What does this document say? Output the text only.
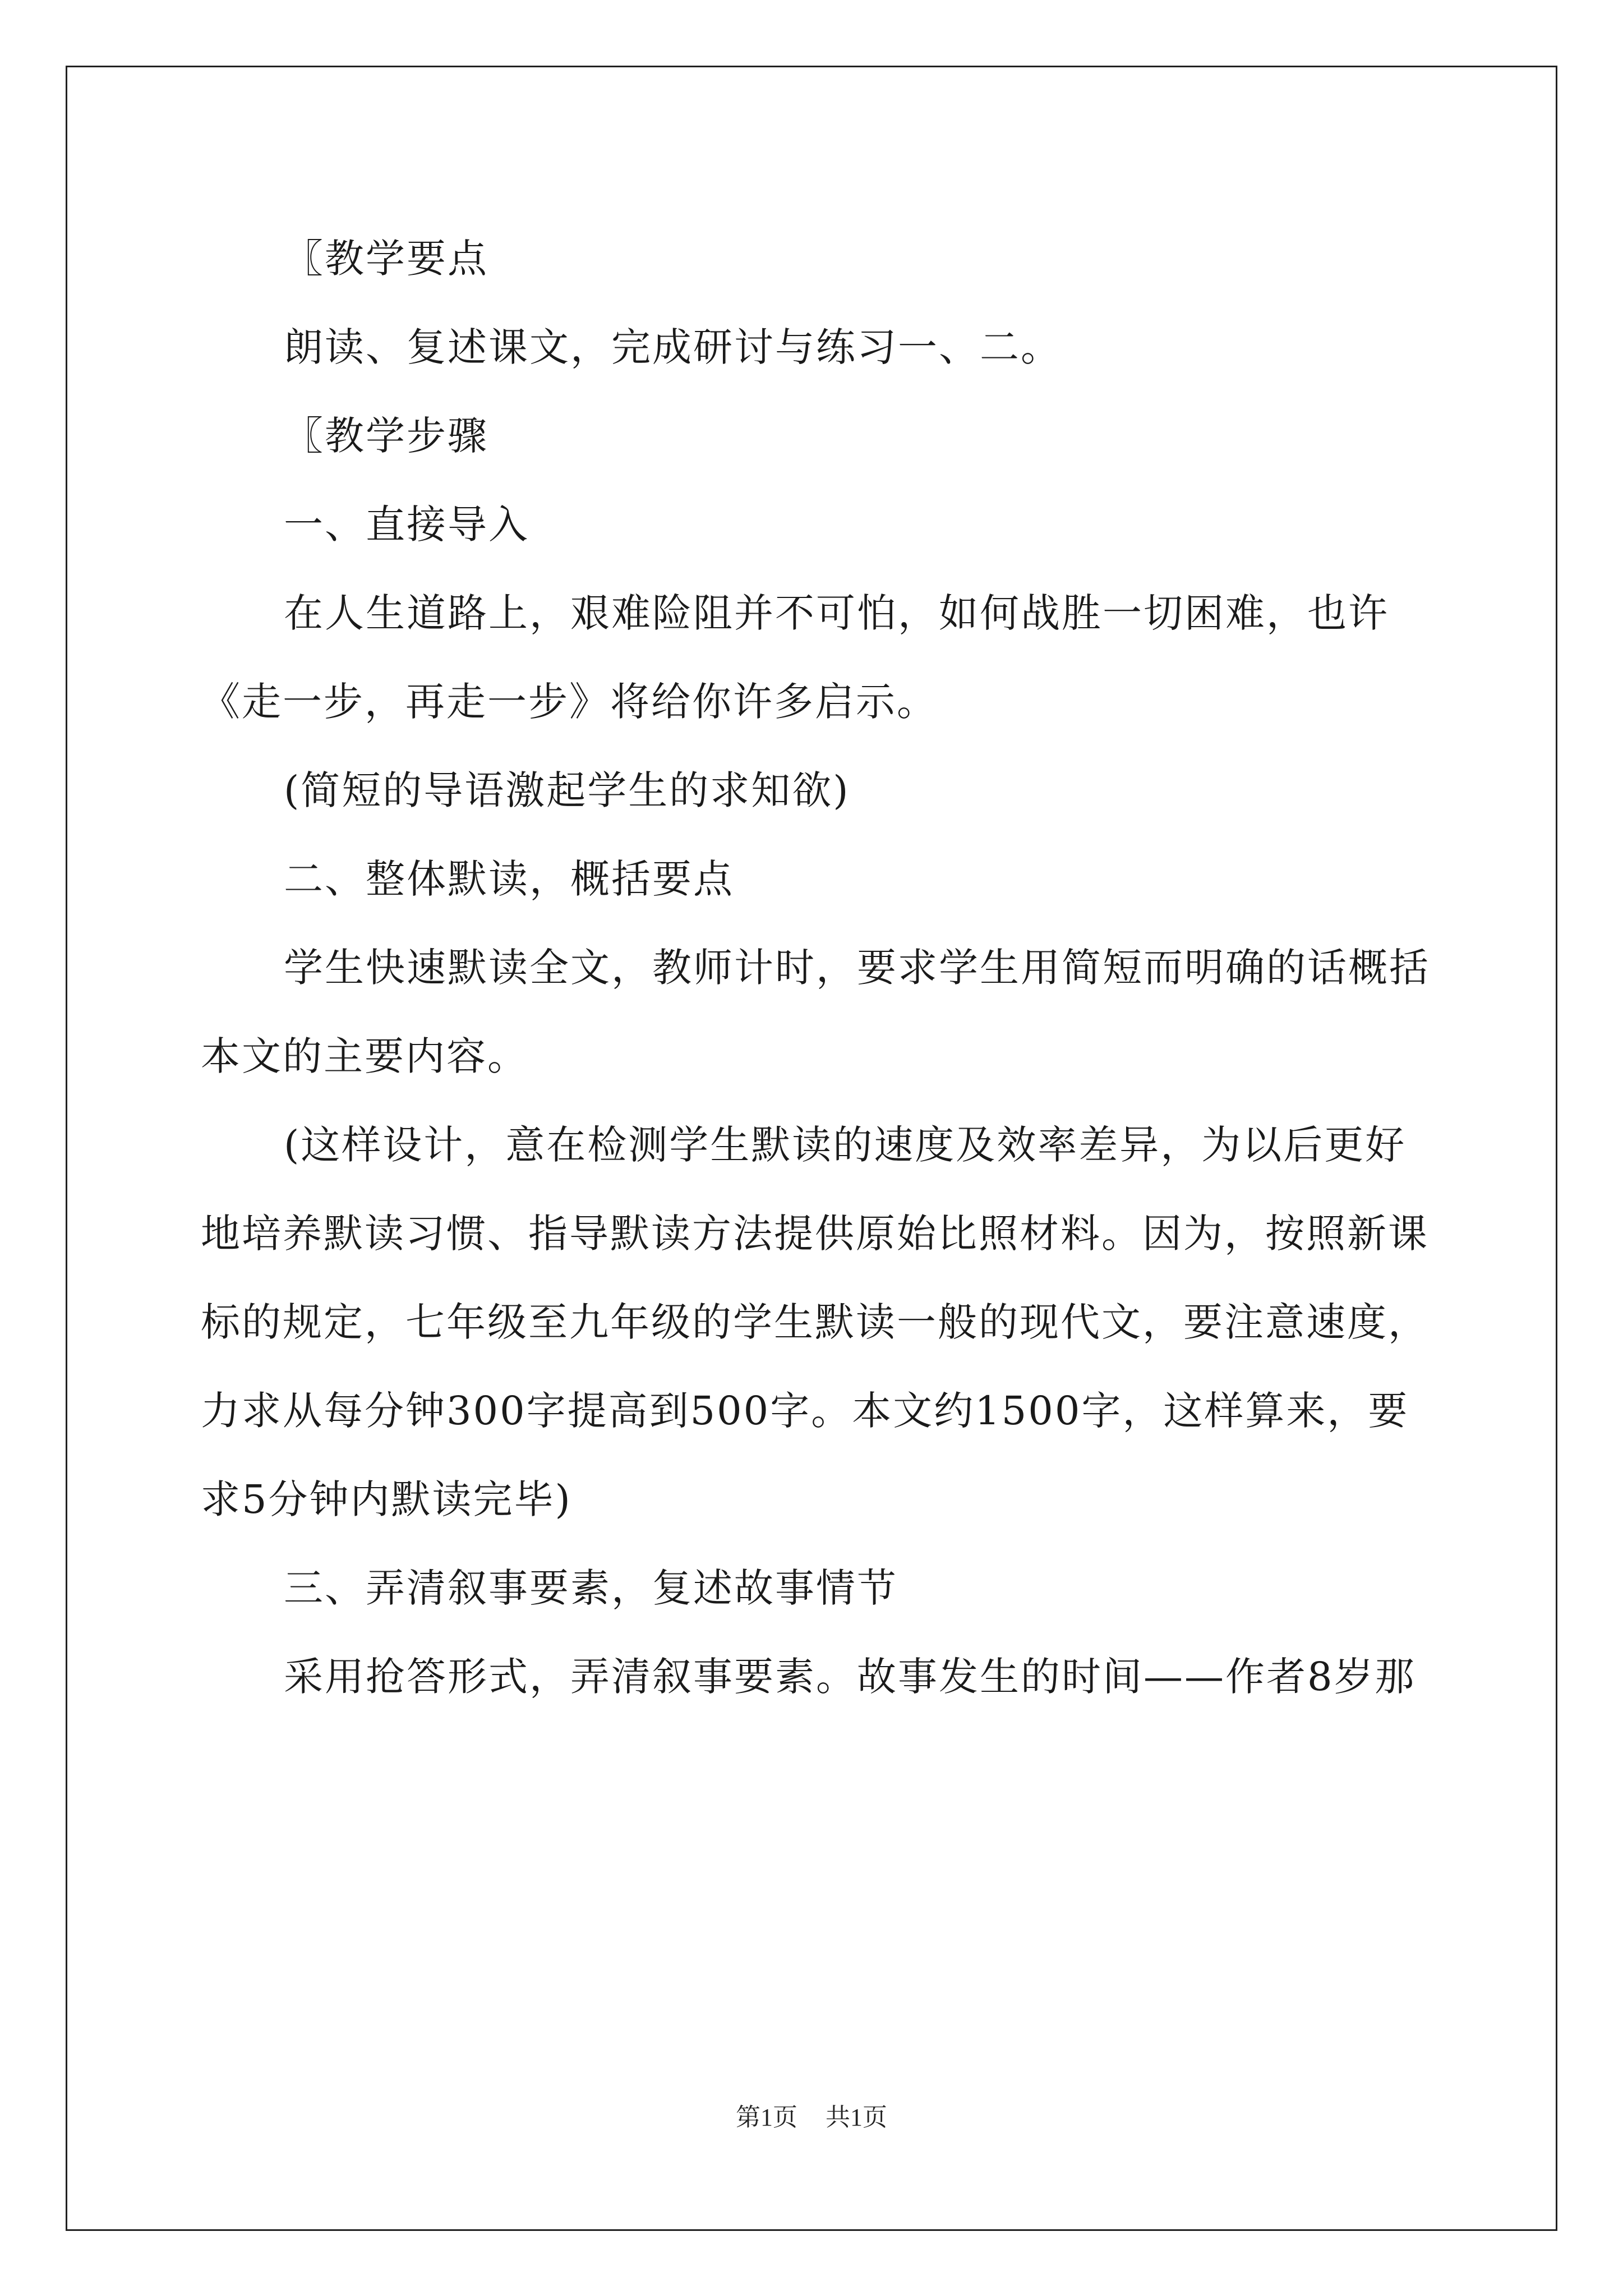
〖教学要点

朗读、复述课文，完成研讨与练习一、二。

〖教学步骤

一、直接导入

在人生道路上，艰难险阻并不可怕，如何战胜一切困难，也许《走一步，再走一步》将给你许多启示。

(简短的导语激起学生的求知欲)

二、整体默读，概括要点

学生快速默读全文，教师计时，要求学生用简短而明确的话概括本文的主要内容。

(这样设计，意在检测学生默读的速度及效率差异，为以后更好地培养默读习惯、指导默读方法提供原始比照材料。因为，按照新课标的规定，七年级至九年级的学生默读一般的现代文，要注意速度，力求从每分钟300字提高到500字。本文约1500字，这样算来，要求5分钟内默读完毕)

三、弄清叙事要素，复述故事情节

采用抢答形式，弄清叙事要素。故事发生的时间——作者8岁那

第1页 共1页
